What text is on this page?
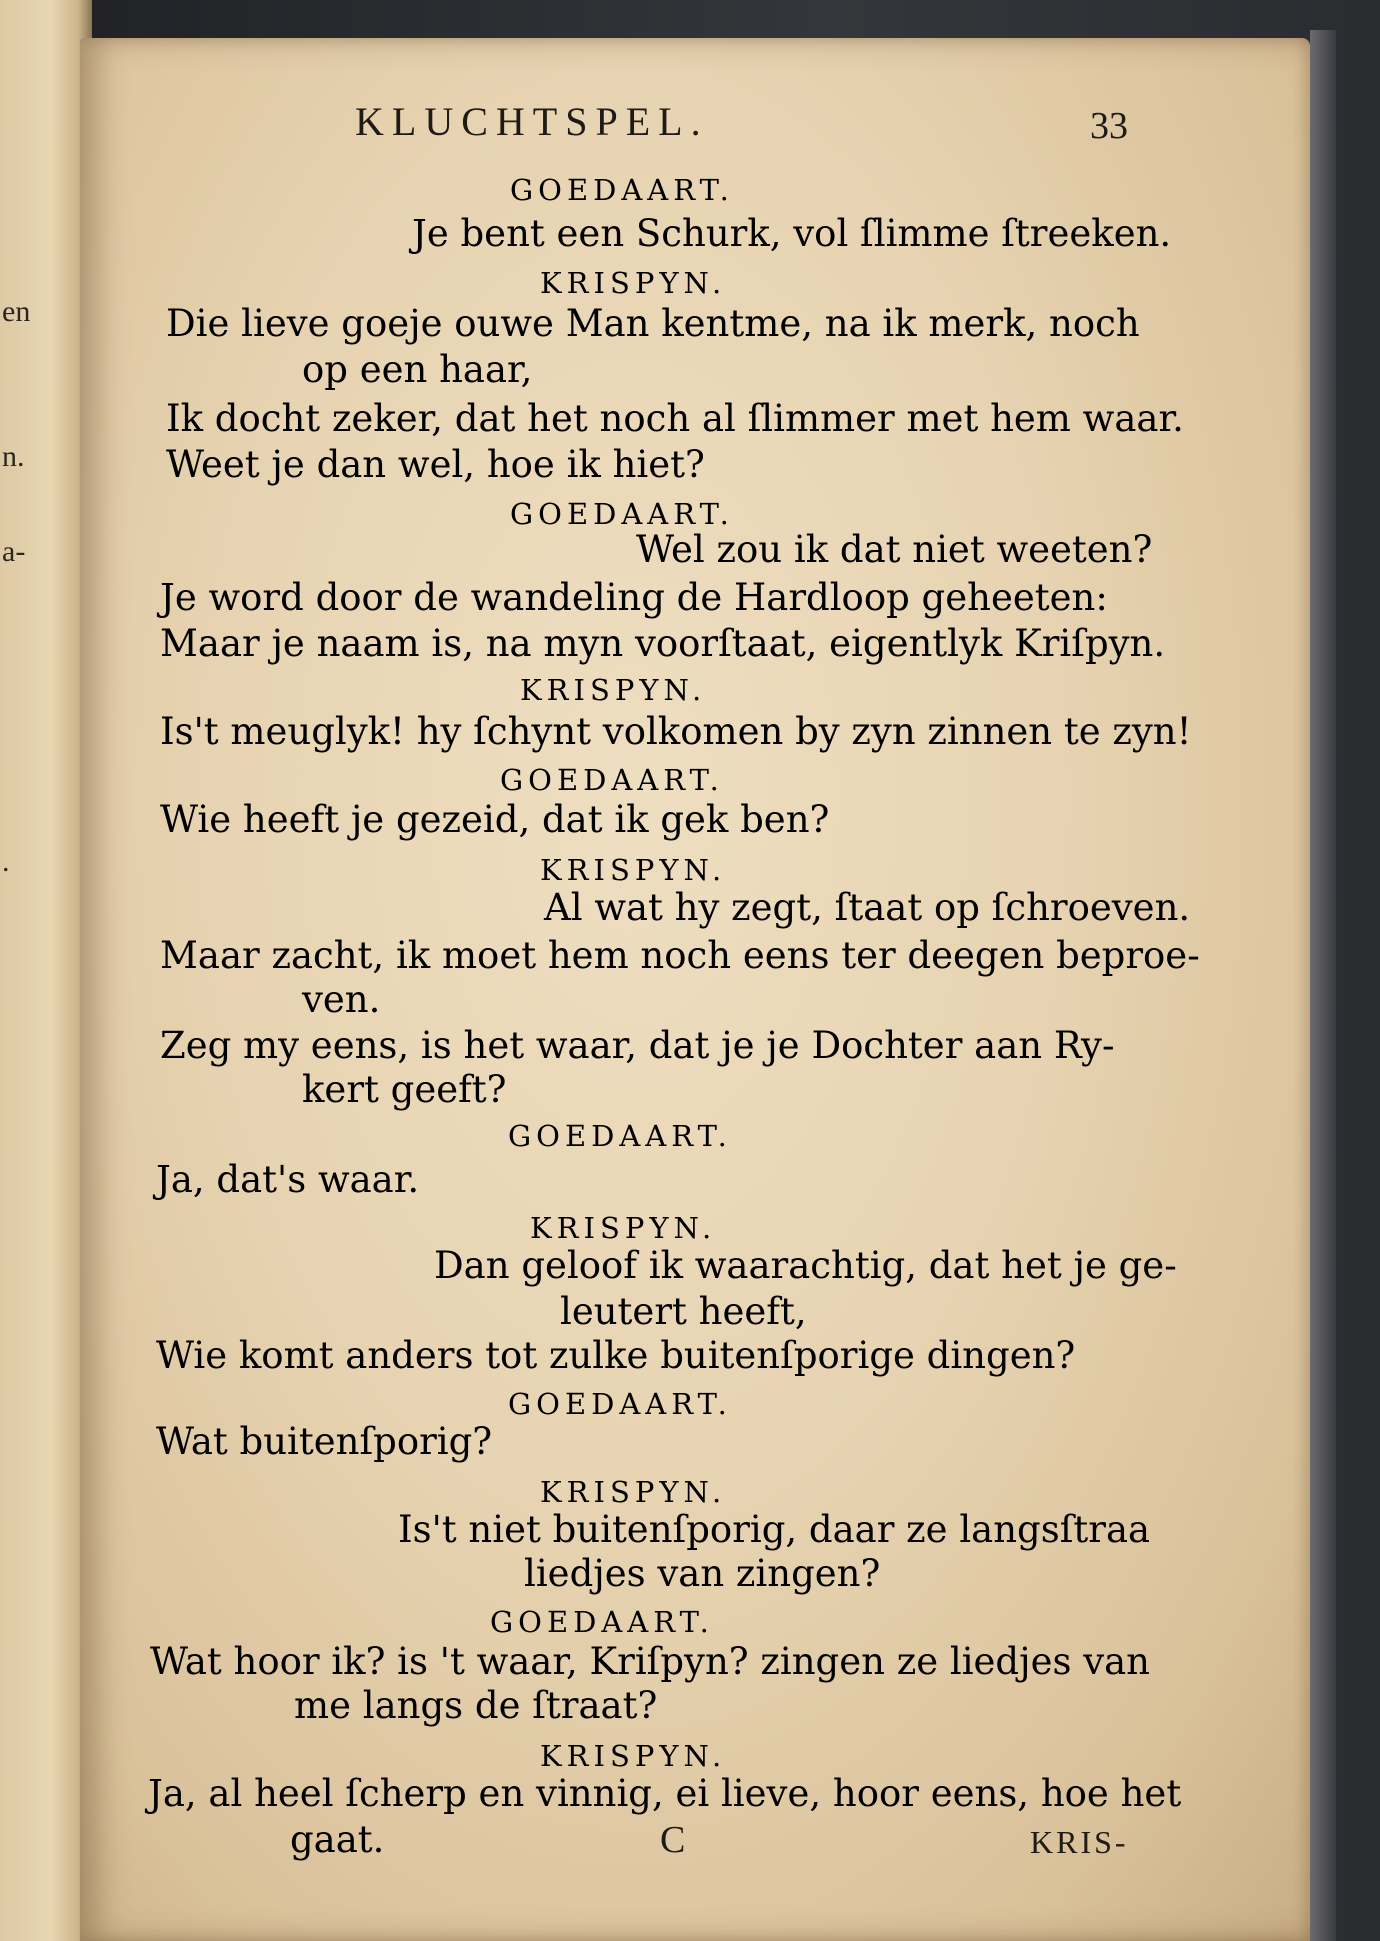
en
n.
a-
.
KLUCHTSPEL.	33
GOEDAART.
Je bent een Schurk, vol ſlimme ſtreeken.
KRISPYN.
Die lieve goeje ouwe Man kentme, na ik merk, noch
op een haar,
Ik docht zeker, dat het noch al ſlimmer met hem waar.
Weet je dan wel, hoe ik hiet?
GOEDAART.
Wel zou ik dat niet weeten?
Je word door de wandeling de Hardloop geheeten:
Maar je naam is, na myn voorſtaat, eigentlyk Kriſpyn.
KRISPYN.
Is't meuglyk! hy ſchynt volkomen by zyn zinnen te zyn!
GOEDAART.
Wie heeft je gezeid, dat ik gek ben?
KRISPYN.
Al wat hy zegt, ſtaat op ſchroeven.
Maar zacht, ik moet hem noch eens ter deegen beproe-
ven.
Zeg my eens, is het waar, dat je je Dochter aan Ry-
kert geeft?
GOEDAART.
Ja, dat's waar.
KRISPYN.
Dan geloof ik waarachtig, dat het je ge-
leutert heeft,
Wie komt anders tot zulke buitenſporige dingen?
GOEDAART.
Wat buitenſporig?
KRISPYN.
Is't niet buitenſporig, daar ze langsſtraa
liedjes van zingen?
GOEDAART.
Wat hoor ik? is 't waar, Kriſpyn? zingen ze liedjes van
me langs de ſtraat?
KRISPYN.
Ja, al heel ſcherp en vinnig, ei lieve, hoor eens, hoe het
gaat.	C	KRIS-
